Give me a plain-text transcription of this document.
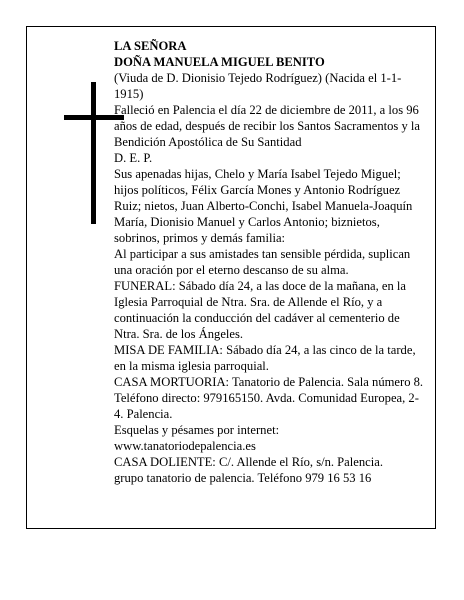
LA SEÑORA

DOÑA MANUELA MIGUEL BENITO

(Viuda de D. Dionisio Tejedo Rodríguez) (Nacida el 1-1-1915)

Falleció en Palencia el día 22 de diciembre de 2011, a los 96 años de edad, después de recibir los Santos Sacramentos y la Bendición Apostólica de Su Santidad

D. E. P.

Sus apenadas hijas, Chelo y María Isabel Tejedo Miguel; hijos políticos, Félix García Mones y Antonio Rodríguez Ruiz; nietos, Juan Alberto-Conchi, Isabel Manuela-Joaquín María, Dionisio Manuel y Carlos Antonio; biznietos, sobrinos, primos y demás familia:

Al participar a sus amistades tan sensible pérdida, suplican una oración por el eterno descanso de su alma.

FUNERAL: Sábado día 24, a las doce de la mañana, en la Iglesia Parroquial de Ntra. Sra. de Allende el Río, y a continuación la conducción del cadáver al cementerio de Ntra. Sra. de los Ángeles.

MISA DE FAMILIA: Sábado día 24, a las cinco de la tarde, en la misma iglesia parroquial.

CASA MORTUORIA: Tanatorio de Palencia. Sala número 8. Teléfono directo: 979165150. Avda. Comunidad Europea, 2-4. Palencia.

Esquelas y pésames por internet:

www.tanatoriodepalencia.es

CASA DOLIENTE: C/. Allende el Río, s/n. Palencia.

grupo tanatorio de palencia. Teléfono 979 16 53 16
